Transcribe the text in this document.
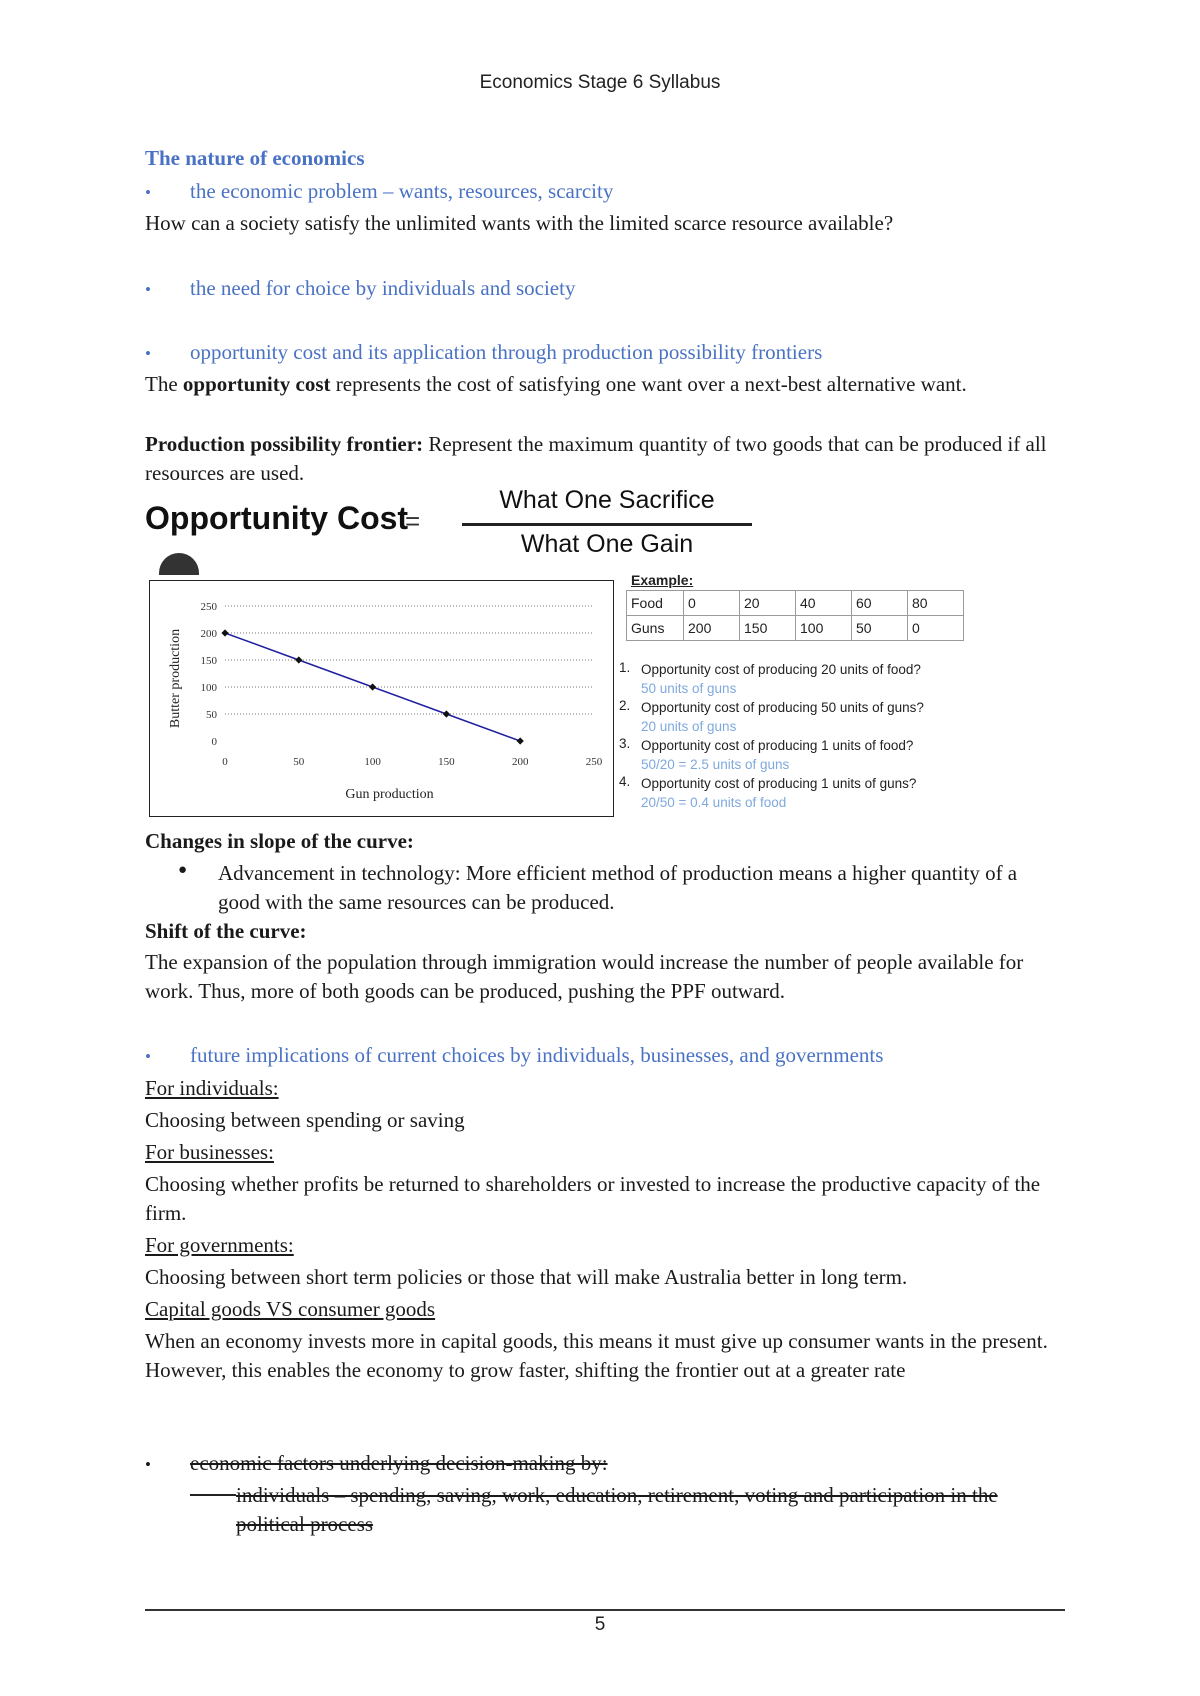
Economics Stage 6 Syllabus
The nature of economics
• the economic problem – wants, resources, scarcity
How can a society satisfy the unlimited wants with the limited scarce resource available?
• the need for choice by individuals and society
• opportunity cost and its application through production possibility frontiers
The opportunity cost represents the cost of satisfying one want over a next-best alternative want.
Production possibility frontier: Represent the maximum quantity of two goods that can be produced if all resources are used.
Opportunity Cost
=
What One Sacrifice
What One Gain
0
50
100
150
200
250
0	50	100	150	200	250
Gun production
Butter production
Example:
Food	0	20	40	60	80
Guns	200	150	100	50	0
1. Opportunity cost of producing 20 units of food?
50 units of guns
2. Opportunity cost of producing 50 units of guns?
20 units of guns
3. Opportunity cost of producing 1 units of food?
50/20 = 2.5 units of guns
4. Opportunity cost of producing 1 units of guns?
20/50 = 0.4 units of food
Changes in slope of the curve:
● Advancement in technology: More efficient method of production means a higher quantity of a good with the same resources can be produced.
Shift of the curve:
The expansion of the population through immigration would increase the number of people available for work. Thus, more of both goods can be produced, pushing the PPF outward.
• future implications of current choices by individuals, businesses, and governments
For individuals:
Choosing between spending or saving
For businesses:
Choosing whether profits be returned to shareholders or invested to increase the productive capacity of the firm.
For governments:
Choosing between short term policies or those that will make Australia better in long term.
Capital goods VS consumer goods
When an economy invests more in capital goods, this means it must give up consumer wants in the present. However, this enables the economy to grow faster, shifting the frontier out at a greater rate
• economic factors underlying decision-making by:
individuals – spending, saving, work, education, retirement, voting and participation in the political process
5
